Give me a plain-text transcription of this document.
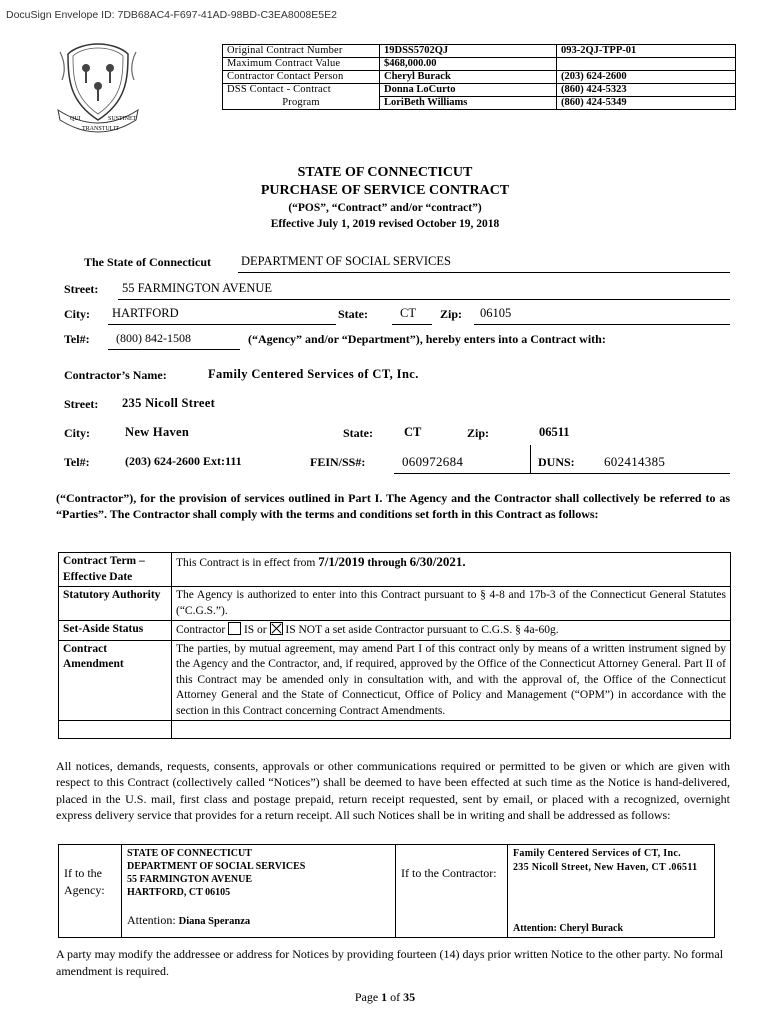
DocuSign Envelope ID: 7DB68AC4-F697-41AD-98BD-C3EA8008E5E2
QUI	SUSTINET
TRANSTULIT
Original Contract Number	19DSS5702QJ	093-2QJ-TPP-01
Maximum Contract Value	$468,000.00	
Contractor Contact Person	Cheryl Burack	(203) 624-2600
DSS Contact - Contract	Donna LoCurto	(860) 424-5323
Program	LoriBeth Williams	(860) 424-5349
STATE OF CONNECTICUT
PURCHASE OF SERVICE CONTRACT
(“POS”, “Contract” and/or “contract”)
Effective July 1, 2019 revised October 19, 2018
The State of Connecticut DEPARTMENT OF SOCIAL SERVICES
Street: 55 FARMINGTON AVENUE
City: HARTFORD	State:	CT Zip: 06105
Tel#: (800) 842-1508	(“Agency” and/or “Department”), hereby enters into a Contract with:
Contractor’s Name:	Family Centered Services of CT, Inc.
Street: 235 Nicoll Street
City:	New Haven	State: CT	Zip:	06511
Tel#:	(203) 624-2600 Ext:111	FEIN/SS#:	060972684	DUNS: 602414385
(“Contractor”), for the provision of services outlined in Part I. The Agency and the Contractor shall collectively be referred to as “Parties”. The Contractor shall comply with the terms and conditions set forth in this Contract as follows:
Contract Term – Effective Date	This Contract is in effect from 7/1/2019 through 6/30/2021.
Statutory Authority	The Agency is authorized to enter into this Contract pursuant to § 4-8 and 17b-3 of the Connecticut General Statutes (“C.G.S.”).
Set-Aside Status	Contractor IS or IS NOT a set aside Contractor pursuant to C.G.S. § 4a-60g.
Contract Amendment	The parties, by mutual agreement, may amend Part I of this contract only by means of a written instrument signed by the Agency and the Contractor, and, if required, approved by the Office of the Connecticut Attorney General. Part II of this Contract may be amended only in consultation with, and with the approval of, the Office of the Connecticut Attorney General and the State of Connecticut, Office of Policy and Management (“OPM”) in accordance with the section in this Contract concerning Contract Amendments.

All notices, demands, requests, consents, approvals or other communications required or permitted to be given or which are given with respect to this Contract (collectively called “Notices”) shall be deemed to have been effected at such time as the Notice is hand-delivered, placed in the U.S. mail, first class and postage prepaid, return receipt requested, sent by email, or placed with a recognized, overnight express delivery service that provides for a return receipt. All such Notices shall be in writing and shall be addressed as follows:
If to the Agency:	
STATE OF CONNECTICUT
DEPARTMENT OF SOCIAL SERVICES
55 FARMINGTON AVENUE
HARTFORD, CT 06105
Attention: Diana Speranza
	If to the Contractor:	
Family Centered Services of CT, Inc.
235 Nicoll Street, New Haven, CT .06511
Attention: Cheryl Burack
A party may modify the addressee or address for Notices by providing fourteen (14) days prior written Notice to the other party. No formal amendment is required.
Page 1 of 35
